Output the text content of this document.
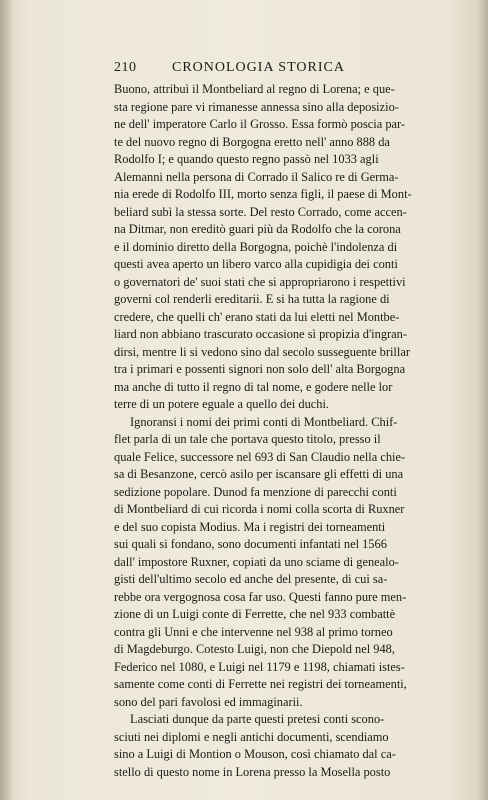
210	CRONOLOGIA STORICA
Buono, attribuì il Montbeliard al regno di Lorena; e que-
sta regione pare vi rimanesse annessa sino alla deposizio-
ne dell' imperatore Carlo il Grosso. Essa formò poscia par-
te del nuovo regno di Borgogna eretto nell' anno 888 da
Rodolfo I; e quando questo regno passò nel 1033 agli
Alemanni nella persona di Corrado il Salico re di Germa-
nia erede di Rodolfo III, morto senza figli, il paese di Mont-
beliard subì la stessa sorte. Del resto Corrado, come accen-
na Ditmar, non ereditò guari più da Rodolfo che la corona
e il dominio diretto della Borgogna, poichè l'indolenza di
questi avea aperto un libero varco alla cupidigia dei conti
o governatori de' suoi stati che si appropriarono i respettivi
governi col renderli ereditarii. E si ha tutta la ragione di
credere, che quelli ch' erano stati da lui eletti nel Montbe-
liard non abbiano trascurato occasione sì propizia d'ingran-
dirsi, mentre li si vedono sino dal secolo susseguente brillar
tra i primari e possenti signori non solo dell' alta Borgogna
ma anche di tutto il regno di tal nome, e godere nelle lor
terre di un potere eguale a quello dei duchi.
Ignoransi i nomi dei primi conti di Montbeliard. Chif-
flet parla di un tale che portava questo titolo, presso il
quale Felice, successore nel 693 di San Claudio nella chie-
sa di Besanzone, cercò asilo per iscansare gli effetti di una
sedizione popolare. Dunod fa menzione di parecchi conti
di Montbeliard di cui ricorda i nomi colla scorta di Ruxner
e del suo copista Modius. Ma i registri dei torneamenti
sui quali si fondano, sono documenti infantati nel 1566
dall' impostore Ruxner, copiati da uno sciame di genealo-
gisti dell'ultimo secolo ed anche del presente, di cui sa-
rebbe ora vergognosa cosa far uso. Questi fanno pure men-
zione di un Luigi conte di Ferrette, che nel 933 combattè
contra gli Unni e che intervenne nel 938 al primo torneo
di Magdeburgo. Cotesto Luigi, non che Diepold nel 948,
Federico nel 1080, e Luigi nel 1179 e 1198, chiamati istes-
samente come conti di Ferrette nei registri dei torneamenti,
sono del pari favolosi ed immaginarii.
Lasciati dunque da parte questi pretesi conti scono-
sciuti nei diplomi e negli antichi documenti, scendiamo
sino a Luigi di Montion o Mouson, così chiamato dal ca-
stello di questo nome in Lorena presso la Mosella posto
